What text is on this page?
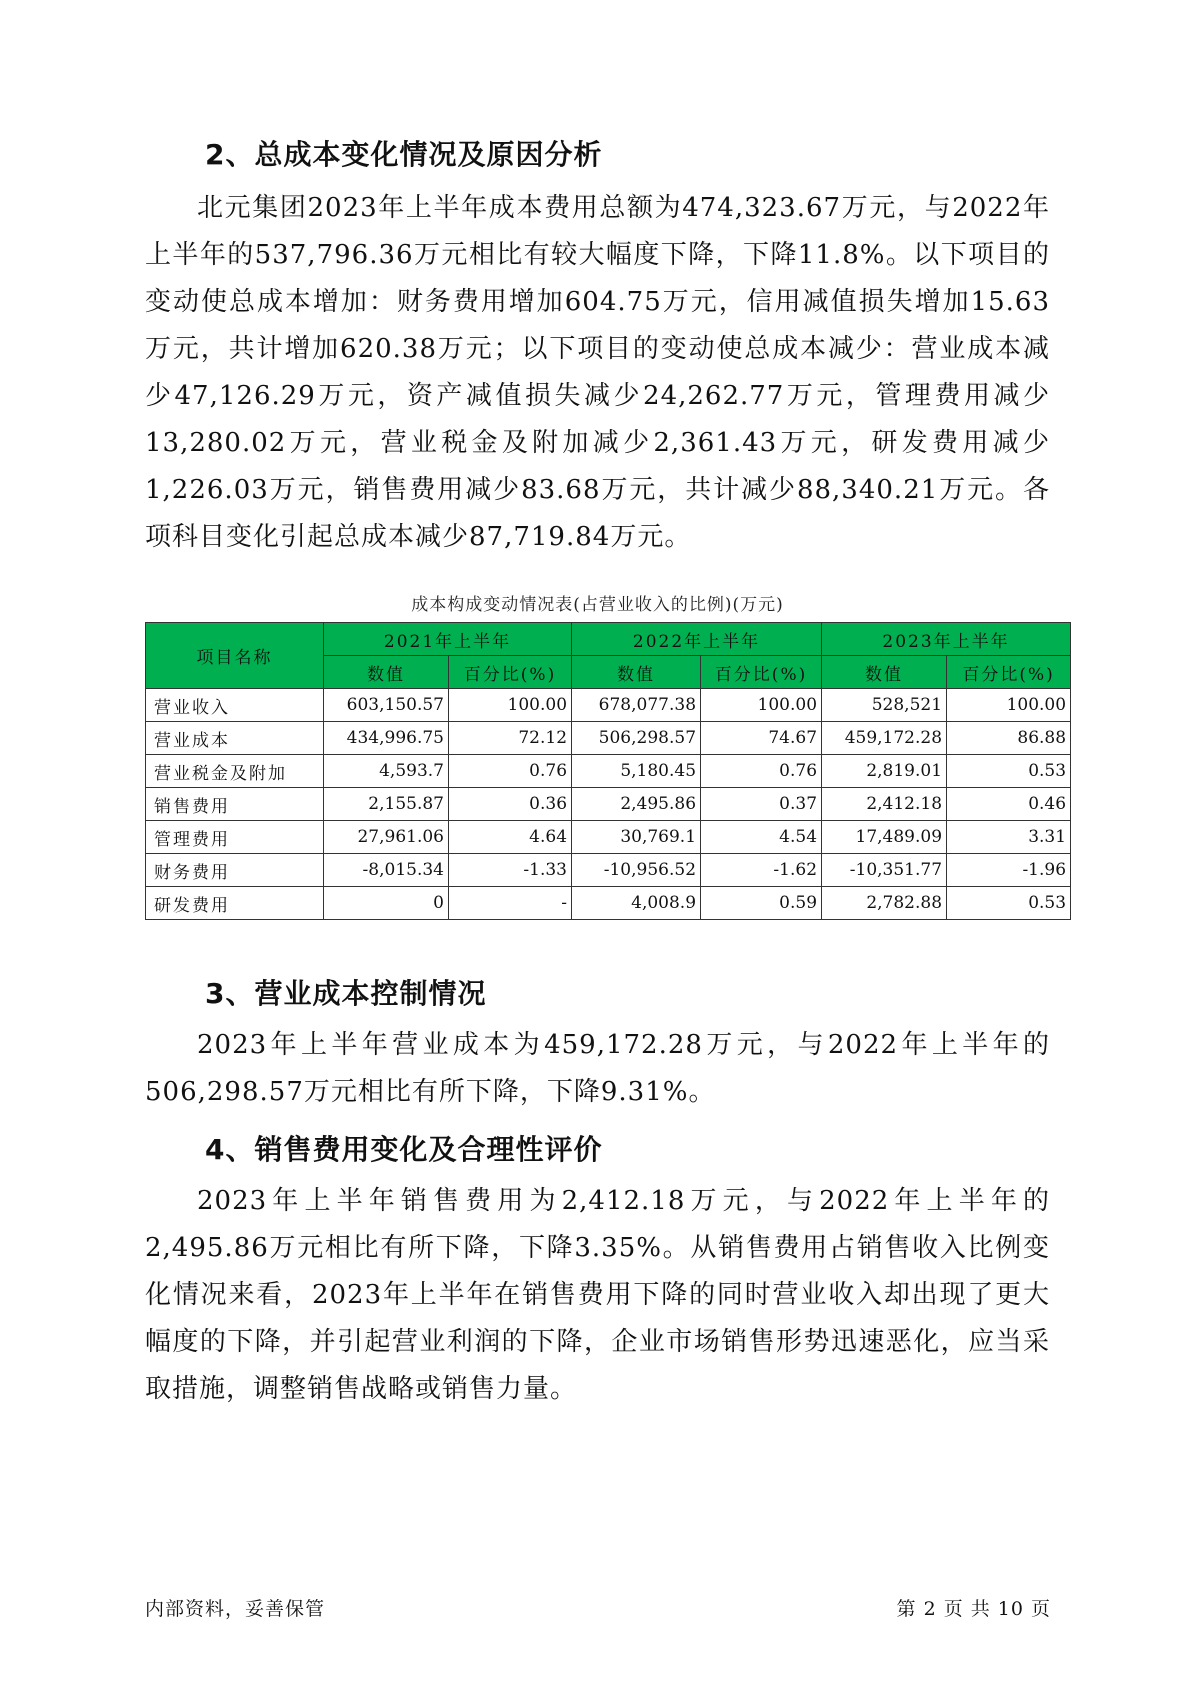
2、总成本变化情况及原因分析

北元集团2023年上半年成本费用总额为474,323.67万元，与2022年上半年的537,796.36万元相比有较大幅度下降，下降11.8%。以下项目的变动使总成本增加：财务费用增加604.75万元，信用减值损失增加15.63万元，共计增加620.38万元；以下项目的变动使总成本减少：营业成本减少47,126.29万元，资产减值损失减少24,262.77万元，管理费用减少13,280.02万元，营业税金及附加减少2,361.43万元，研发费用减少1,226.03万元，销售费用减少83.68万元，共计减少88,340.21万元。各项科目变化引起总成本减少87,719.84万元。

成本构成变动情况表(占营业收入的比例)(万元)

项目名称	2021年上半年		2022年上半年		2023年上半年	
	数值	百分比(%)	数值	百分比(%)	数值	百分比(%)
营业收入	603,150.57	100.00	678,077.38	100.00	528,521	100.00
营业成本	434,996.75	72.12	506,298.57	74.67	459,172.28	86.88
营业税金及附加	4,593.7	0.76	5,180.45	0.76	2,819.01	0.53
销售费用	2,155.87	0.36	2,495.86	0.37	2,412.18	0.46
管理费用	27,961.06	4.64	30,769.1	4.54	17,489.09	3.31
财务费用	-8,015.34	-1.33	-10,956.52	-1.62	-10,351.77	-1.96
研发费用	0	-	4,008.9	0.59	2,782.88	0.53
3、营业成本控制情况

2023年上半年营业成本为459,172.28万元，与2022年上半年的506,298.57万元相比有所下降，下降9.31%。

4、销售费用变化及合理性评价

2023年上半年销售费用为2,412.18万元，与2022年上半年的2,495.86万元相比有所下降，下降3.35%。从销售费用占销售收入比例变化情况来看，2023年上半年在销售费用下降的同时营业收入却出现了更大幅度的下降，并引起营业利润的下降，企业市场销售形势迅速恶化，应当采取措施，调整销售战略或销售力量。

内部资料，妥善保管	第 2 页 共 10 页
